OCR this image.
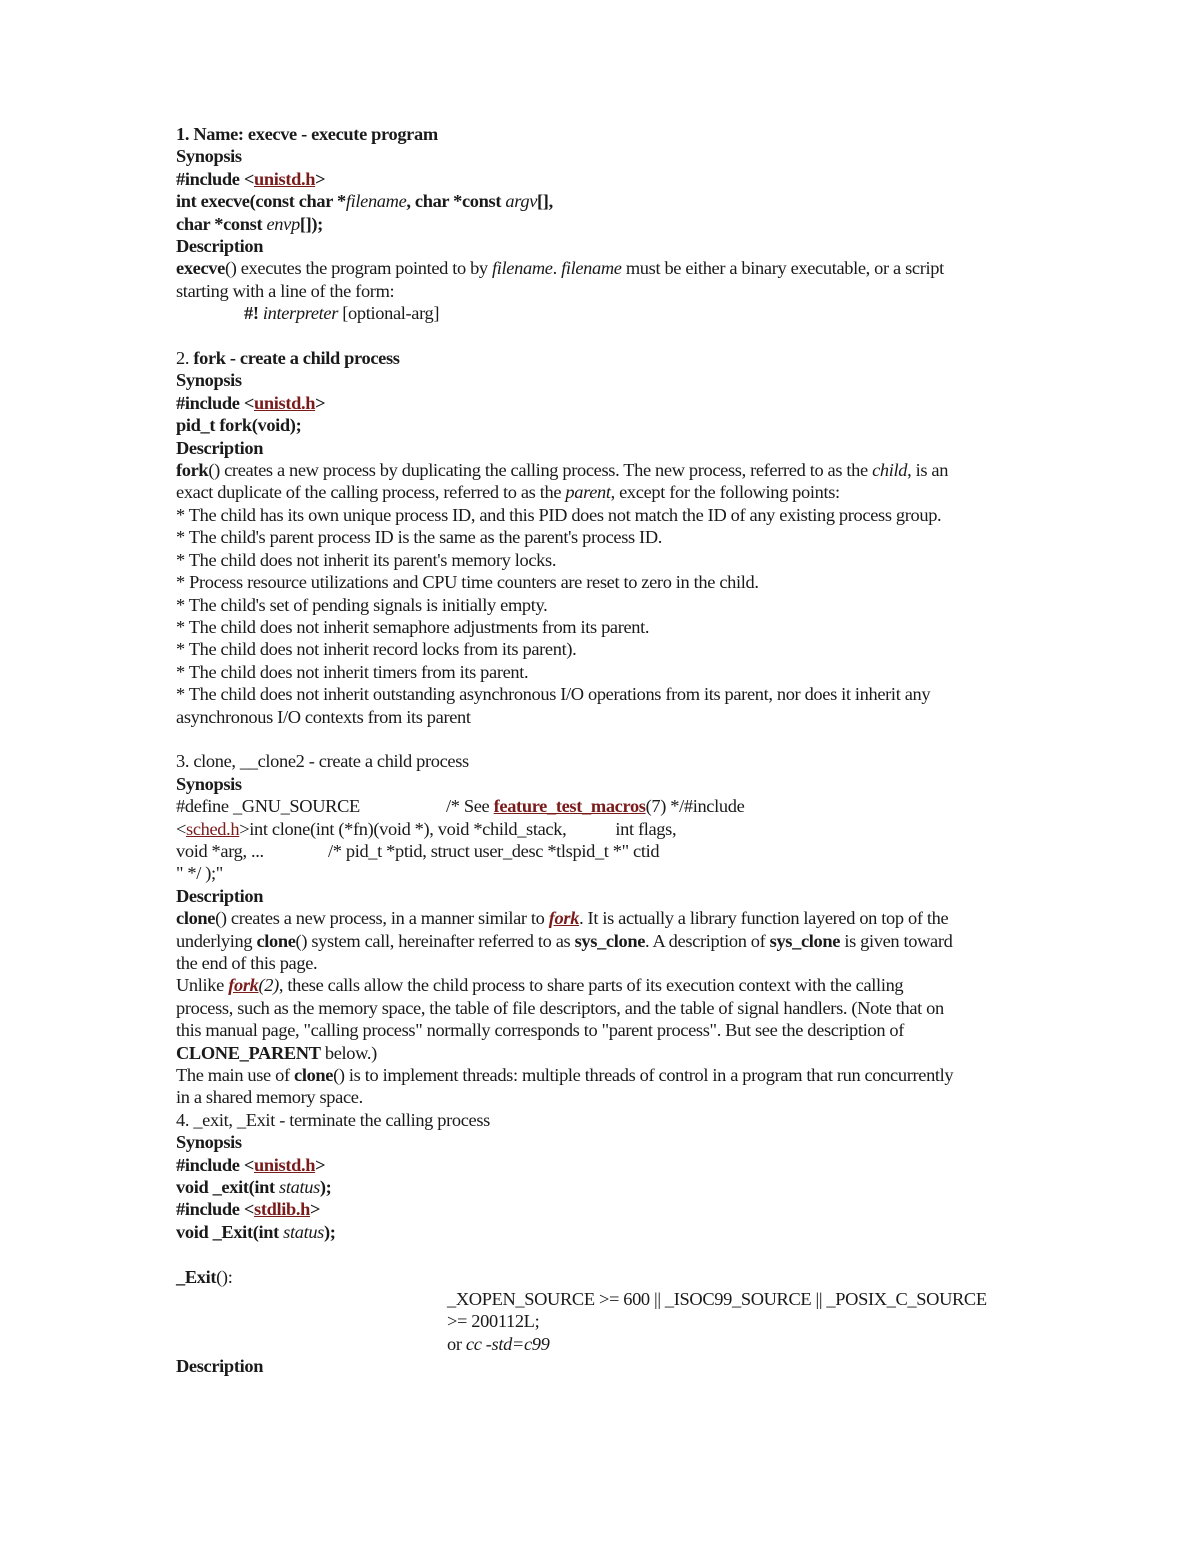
1. Name: execve - execute program
Synopsis
#include <unistd.h>
int execve(const char *filename, char *const argv[],
char *const envp[]);
Description
execve() executes the program pointed to by filename. filename must be either a binary executable, or a script
starting with a line of the form:
#! interpreter [optional-arg]
2. fork - create a child process
Synopsis
#include <unistd.h>
pid_t fork(void);
Description
fork() creates a new process by duplicating the calling process. The new process, referred to as the child, is an
exact duplicate of the calling process, referred to as the parent, except for the following points:
* The child has its own unique process ID, and this PID does not match the ID of any existing process group.
* The child's parent process ID is the same as the parent's process ID.
* The child does not inherit its parent's memory locks.
* Process resource utilizations and CPU time counters are reset to zero in the child.
* The child's set of pending signals is initially empty.
* The child does not inherit semaphore adjustments from its parent.
* The child does not inherit record locks from its parent).
* The child does not inherit timers from its parent.
* The child does not inherit outstanding asynchronous I/O operations from its parent, nor does it inherit any
asynchronous I/O contexts from its parent
3. clone, __clone2 - create a child process
Synopsis
#define _GNU_SOURCE	/* See feature_test_macros(7) */#include
<sched.h>int clone(int (*fn)(void *), void *child_stack,	int flags,
void *arg, ...	/* pid_t *ptid, struct user_desc *tlspid_t *" ctid
" */ );"
Description
clone() creates a new process, in a manner similar to fork. It is actually a library function layered on top of the
underlying clone() system call, hereinafter referred to as sys_clone. A description of sys_clone is given toward
the end of this page.
Unlike fork(2), these calls allow the child process to share parts of its execution context with the calling
process, such as the memory space, the table of file descriptors, and the table of signal handlers. (Note that on
this manual page, "calling process" normally corresponds to "parent process". But see the description of
CLONE_PARENT below.)
The main use of clone() is to implement threads: multiple threads of control in a program that run concurrently
in a shared memory space.
4. _exit, _Exit - terminate the calling process
Synopsis
#include <unistd.h>
void _exit(int status);
#include <stdlib.h>
void _Exit(int status);
_Exit():
_XOPEN_SOURCE >= 600 || _ISOC99_SOURCE || _POSIX_C_SOURCE
>= 200112L;
or cc -std=c99
Description
